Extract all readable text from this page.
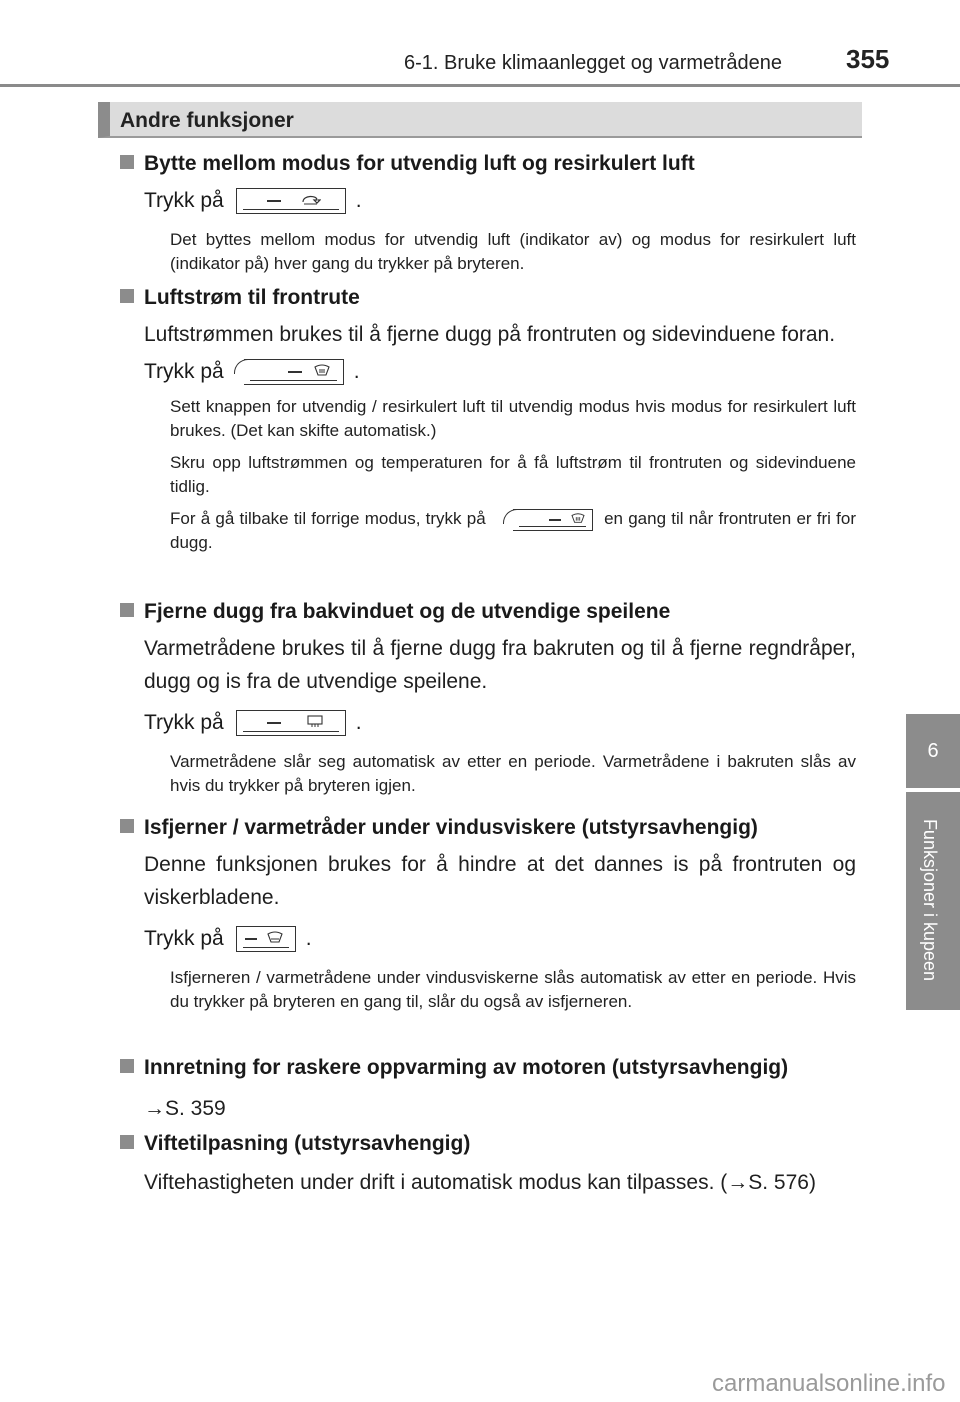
6-1. Bruke klimaanlegget og varmetrådene 355
6
Funksjoner i kupeen
Andre funksjoner
Bytte mellom modus for utvendig luft og resirkulert luft
Trykk på	.
Det byttes mellom modus for utvendig luft (indikator av) og modus for resirkulert luft (indikator på) hver gang du trykker på bryteren.
Luftstrøm til frontrute
Luftstrømmen brukes til å fjerne dugg på frontruten og sidevinduene foran.
Trykk på	.
Sett knappen for utvendig / resirkulert luft til utvendig modus hvis modus for resirkulert luft brukes. (Det kan skifte automatisk.)
Skru opp luftstrømmen og temperaturen for å få luftstrøm til frontruten og sidevinduene tidlig.
For å gå tilbake til forrige modus, trykk på	en gang til når frontruten er fri for dugg.
Fjerne dugg fra bakvinduet og de utvendige speilene
Varmetrådene brukes til å fjerne dugg fra bakruten og til å fjerne regndråper, dugg og is fra de utvendige speilene.
Trykk på	.
Varmetrådene slår seg automatisk av etter en periode. Varmetrådene i bakruten slås av hvis du trykker på bryteren igjen.
Isfjerner / varmetråder under vindusviskere (utstyrsavhengig)
Denne funksjonen brukes for å hindre at det dannes is på frontruten og viskerbladene.
Trykk på	.
Isfjerneren / varmetrådene under vindusviskerne slås automatisk av etter en periode. Hvis du trykker på bryteren en gang til, slår du også av isfjerneren.
Innretning for raskere oppvarming av motoren (utstyrsavhengig)
→S. 359
Viftetilpasning (utstyrsavhengig)
Viftehastigheten under drift i automatisk modus kan tilpasses. (→S. 576)
carmanualsonline.info
